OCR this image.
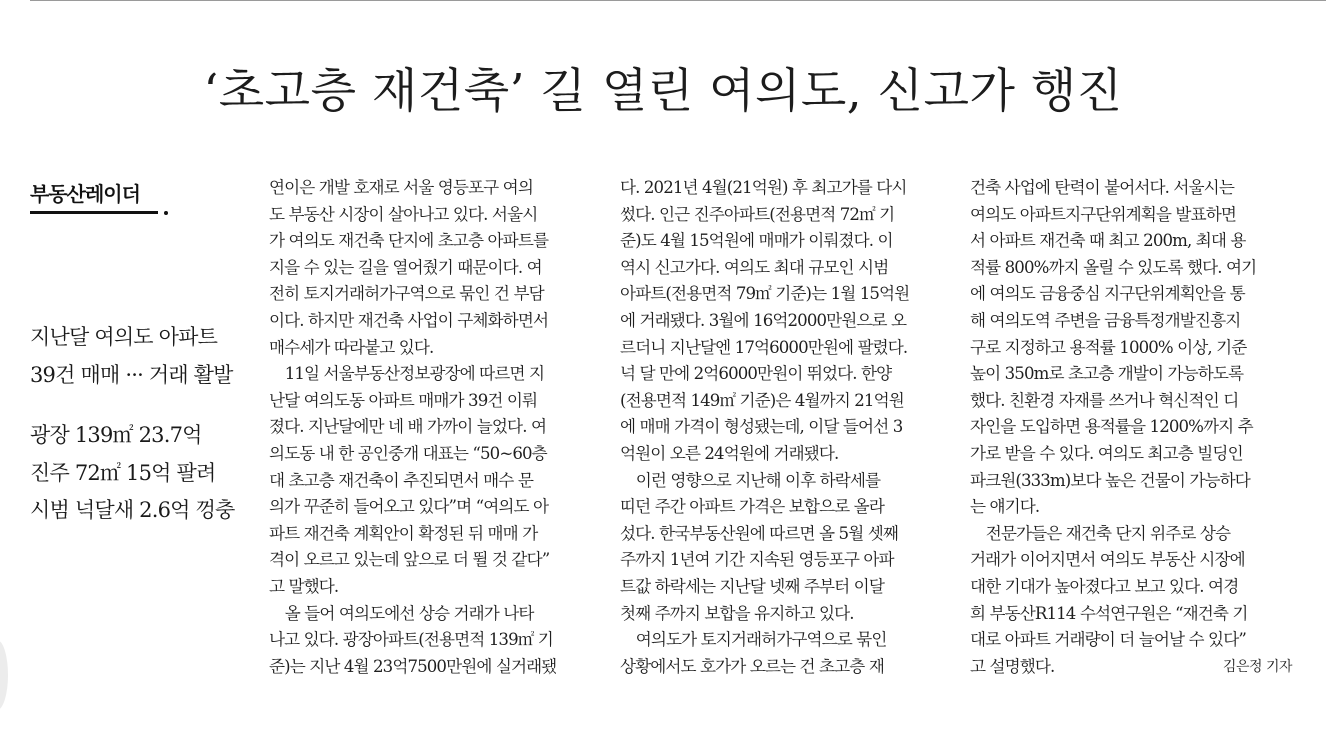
‘초고층 재건축’ 길 열린 여의도, 신고가 행진
부동산레이더
지난달 여의도 아파트
39건 매매 ··· 거래 활발
광장 139㎡ 23.7억
진주 72㎡ 15억 팔려
시범 넉달새 2.6억 껑충
연이은 개발 호재로 서울 영등포구 여의
도 부동산 시장이 살아나고 있다. 서울시
가 여의도 재건축 단지에 초고층 아파트를
지을 수 있는 길을 열어줬기 때문이다. 여
전히 토지거래허가구역으로 묶인 건 부담
이다. 하지만 재건축 사업이 구체화하면서
매수세가 따라붙고 있다.
　11일 서울부동산정보광장에 따르면 지
난달 여의도동 아파트 매매가 39건 이뤄
졌다. 지난달에만 네 배 가까이 늘었다. 여
의도동 내 한 공인중개 대표는 “50~60층
대 초고층 재건축이 추진되면서 매수 문
의가 꾸준히 들어오고 있다”며 “여의도 아
파트 재건축 계획안이 확정된 뒤 매매 가
격이 오르고 있는데 앞으로 더 뛸 것 같다”
고 말했다.
　올 들어 여의도에선 상승 거래가 나타
나고 있다. 광장아파트(전용면적 139㎡ 기
준)는 지난 4월 23억7500만원에 실거래됐
다. 2021년 4월(21억원) 후 최고가를 다시
썼다. 인근 진주아파트(전용면적 72㎡ 기
준)도 4월 15억원에 매매가 이뤄졌다. 이
역시 신고가다. 여의도 최대 규모인 시범
아파트(전용면적 79㎡ 기준)는 1월 15억원
에 거래됐다. 3월에 16억2000만원으로 오
르더니 지난달엔 17억6000만원에 팔렸다.
넉 달 만에 2억6000만원이 뛰었다. 한양
(전용면적 149㎡ 기준)은 4월까지 21억원
에 매매 가격이 형성됐는데, 이달 들어선 3
억원이 오른 24억원에 거래됐다.
　이런 영향으로 지난해 이후 하락세를
띠던 주간 아파트 가격은 보합으로 올라
섰다. 한국부동산원에 따르면 올 5월 셋째
주까지 1년여 기간 지속된 영등포구 아파
트값 하락세는 지난달 넷째 주부터 이달
첫째 주까지 보합을 유지하고 있다.
　여의도가 토지거래허가구역으로 묶인
상황에서도 호가가 오르는 건 초고층 재
건축 사업에 탄력이 붙어서다. 서울시는
여의도 아파트지구단위계획을 발표하면
서 아파트 재건축 때 최고 200m, 최대 용
적률 800%까지 올릴 수 있도록 했다. 여기
에 여의도 금융중심 지구단위계획안을 통
해 여의도역 주변을 금융특정개발진흥지
구로 지정하고 용적률 1000% 이상, 기준
높이 350m로 초고층 개발이 가능하도록
했다. 친환경 자재를 쓰거나 혁신적인 디
자인을 도입하면 용적률을 1200%까지 추
가로 받을 수 있다. 여의도 최고층 빌딩인
파크원(333m)보다 높은 건물이 가능하다
는 얘기다.
　전문가들은 재건축 단지 위주로 상승
거래가 이어지면서 여의도 부동산 시장에
대한 기대가 높아졌다고 보고 있다. 여경
희 부동산R114 수석연구원은 “재건축 기
대로 아파트 거래량이 더 늘어날 수 있다”
고 설명했다.	김은정 기자
